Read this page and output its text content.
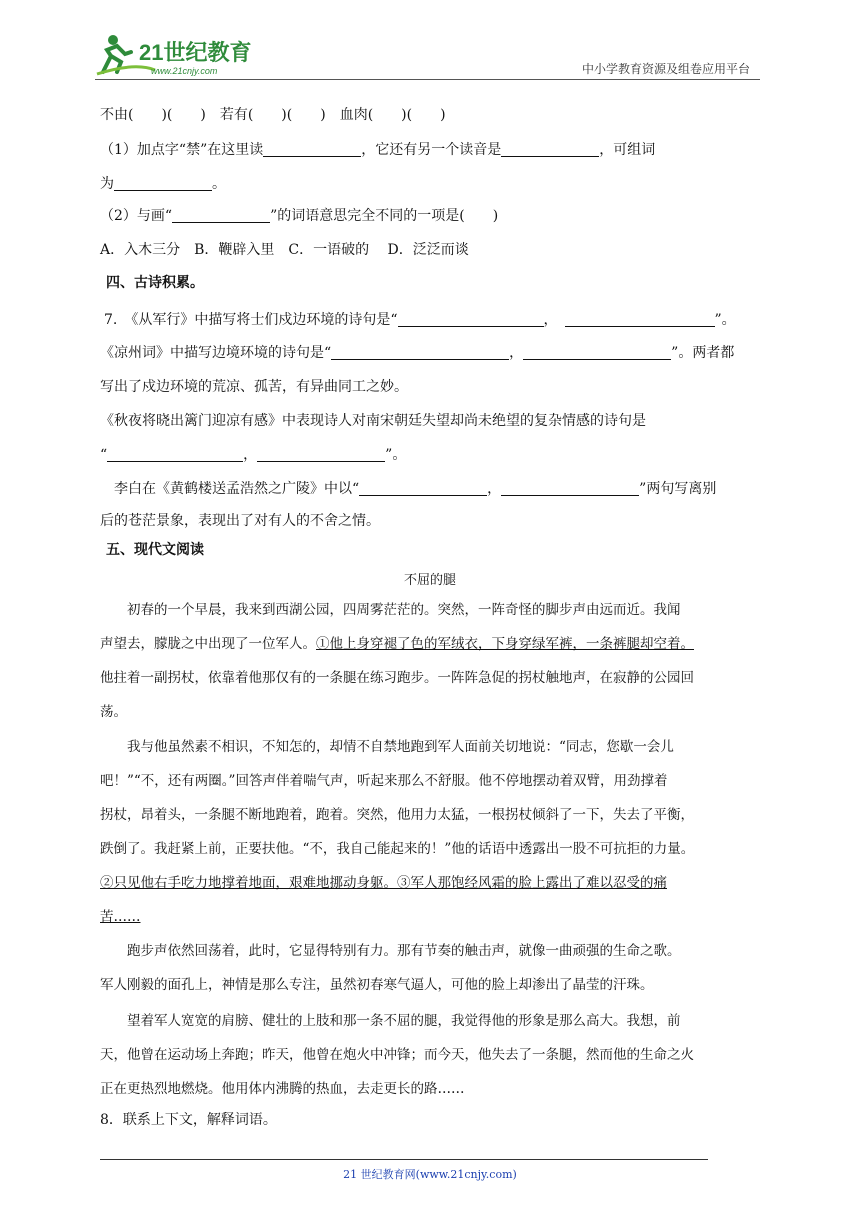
21世纪教育
www.21cnjy.com	中小学教育资源及组卷应用平台
不由(　　)(　　)　若有(　　)(　　)　血肉(　　)(　　)
（1）加点字“禁”在这里读	，它还有另一个读音是	，可组词
为	。
（2）与画“	”的词语意思完全不同的一项是(　　)
A．入木三分　B．鞭辟入里　C．一语破的　 D．泛泛而谈
四、古诗积累。
7.　《从军行》中描写将士们戍边环境的诗句是“	，　	”。
《凉州词》中描写边境环境的诗句是“	，	”。两者都
写出了戍边环境的荒凉、孤苦，有异曲同工之妙。
《秋夜将晓出篱门迎凉有感》中表现诗人对南宋朝廷失望却尚未绝望的复杂情感的诗句是
“	，	”。
　李白在《黄鹤楼送孟浩然之广陵》中以“	，	”两句写离别
后的苍茫景象，表现出了对有人的不舍之情。
五、现代文阅读
不屈的腿
　　初春的一个早晨，我来到西湖公园，四周雾茫茫的。突然，一阵奇怪的脚步声由远而近。我闻
声望去，朦胧之中出现了一位军人。①他上身穿褪了色的军绒衣，下身穿绿军裤，一条裤腿却空着。
他拄着一副拐杖，依靠着他那仅有的一条腿在练习跑步。一阵阵急促的拐杖触地声，在寂静的公园回
荡。
　　我与他虽然素不相识，不知怎的，却情不自禁地跑到军人面前关切地说：“同志，您歇一会儿
吧！”“不，还有两圈。”回答声伴着喘气声，听起来那么不舒服。他不停地摆动着双臂，用劲撑着
拐杖，昂着头，一条腿不断地跑着，跑着。突然，他用力太猛，一根拐杖倾斜了一下，失去了平衡，
跌倒了。我赶紧上前，正要扶他。“不，我自己能起来的！”他的话语中透露出一股不可抗拒的力量。
②只见他右手吃力地撑着地面，艰难地挪动身躯。③军人那饱经风霜的脸上露出了难以忍受的痛
苦……
　　跑步声依然回荡着，此时，它显得特别有力。那有节奏的触击声，就像一曲顽强的生命之歌。
军人刚毅的面孔上，神情是那么专注，虽然初春寒气逼人，可他的脸上却渗出了晶莹的汗珠。
　　望着军人宽宽的肩膀、健壮的上肢和那一条不屈的腿，我觉得他的形象是那么高大。我想，前
天，他曾在运动场上奔跑；昨天，他曾在炮火中冲锋；而今天，他失去了一条腿，然而他的生命之火
正在更热烈地燃烧。他用体内沸腾的热血，去走更长的路……
8．联系上下文，解释词语。
21 世纪教育网(www.21cnjy.com)
